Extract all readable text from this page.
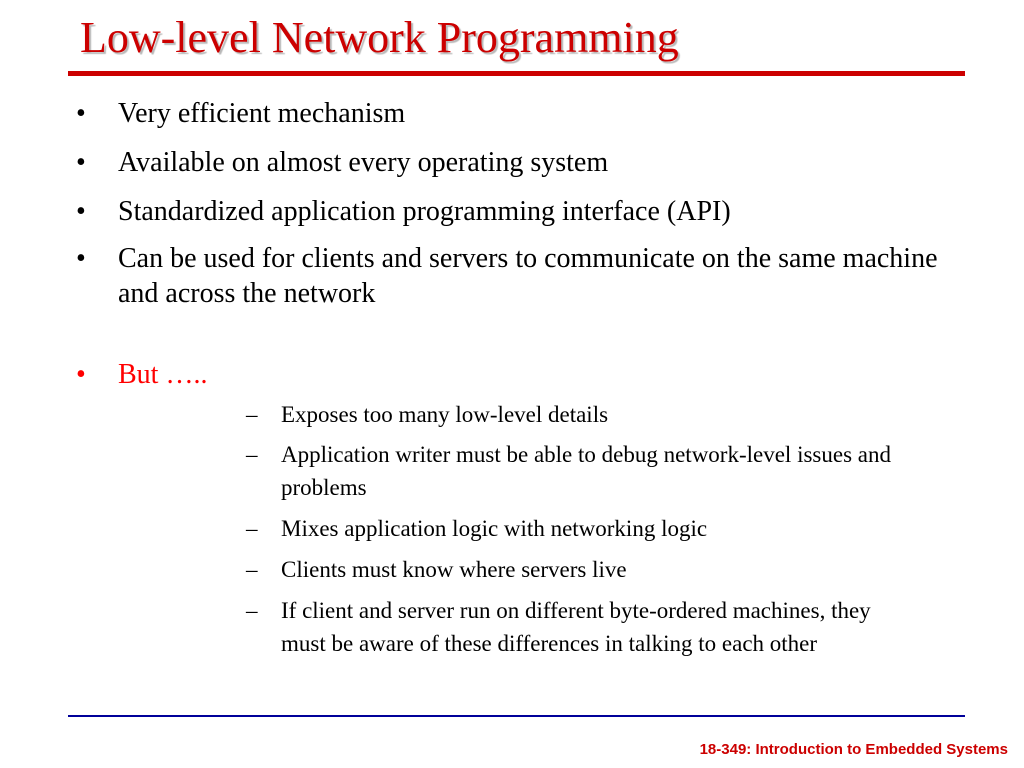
Low-level Network Programming
• Very efficient mechanism
• Available on almost every operating system
• Standardized application programming interface (API)
• Can be used for clients and servers to communicate on the same machine and across the network
• But …..
– Exposes too many low-level details
– Application writer must be able to debug network-level issues and problems
– Mixes application logic with networking logic
– Clients must know where servers live
– If client and server run on different byte-ordered machines, they must be aware of these differences in talking to each other
18-349: Introduction to Embedded Systems
